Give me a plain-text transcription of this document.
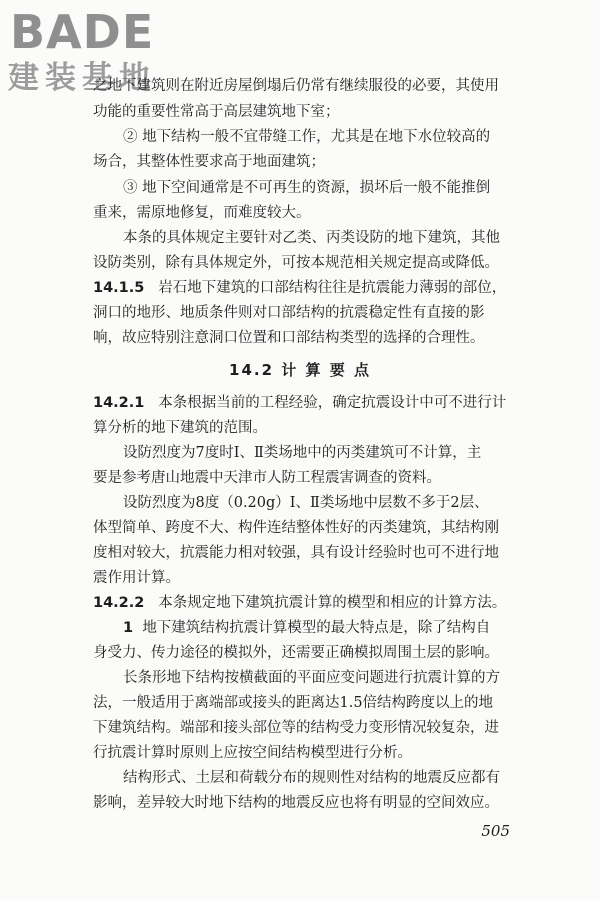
BADE
建装基地
之地下建筑则在附近房屋倒塌后仍常有继续服役的必要，其使用
功能的重要性常高于高层建筑地下室；
② 地下结构一般不宜带缝工作，尤其是在地下水位较高的
场合，其整体性要求高于地面建筑；
③ 地下空间通常是不可再生的资源，损坏后一般不能推倒
重来，需原地修复，而难度较大。
本条的具体规定主要针对乙类、丙类设防的地下建筑，其他
设防类别，除有具体规定外，可按本规范相关规定提高或降低。
14.1.5 岩石地下建筑的口部结构往往是抗震能力薄弱的部位，
洞口的地形、地质条件则对口部结构的抗震稳定性有直接的影
响，故应特别注意洞口位置和口部结构类型的选择的合理性。
14.2 计 算 要 点
14.2.1 本条根据当前的工程经验，确定抗震设计中可不进行计
算分析的地下建筑的范围。
设防烈度为7度时Ⅰ、Ⅱ类场地中的丙类建筑可不计算，主
要是参考唐山地震中天津市人防工程震害调查的资料。
设防烈度为8度（0.20g）Ⅰ、Ⅱ类场地中层数不多于2层、
体型简单、跨度不大、构件连结整体性好的丙类建筑，其结构刚
度相对较大，抗震能力相对较强，具有设计经验时也可不进行地
震作用计算。
14.2.2 本条规定地下建筑抗震计算的模型和相应的计算方法。
1 地下建筑结构抗震计算模型的最大特点是，除了结构自
身受力、传力途径的模拟外，还需要正确模拟周围土层的影响。
长条形地下结构按横截面的平面应变问题进行抗震计算的方
法，一般适用于离端部或接头的距离达1.5倍结构跨度以上的地
下建筑结构。端部和接头部位等的结构受力变形情况较复杂，进
行抗震计算时原则上应按空间结构模型进行分析。
结构形式、土层和荷载分布的规则性对结构的地震反应都有
影响，差异较大时地下结构的地震反应也将有明显的空间效应。
505
